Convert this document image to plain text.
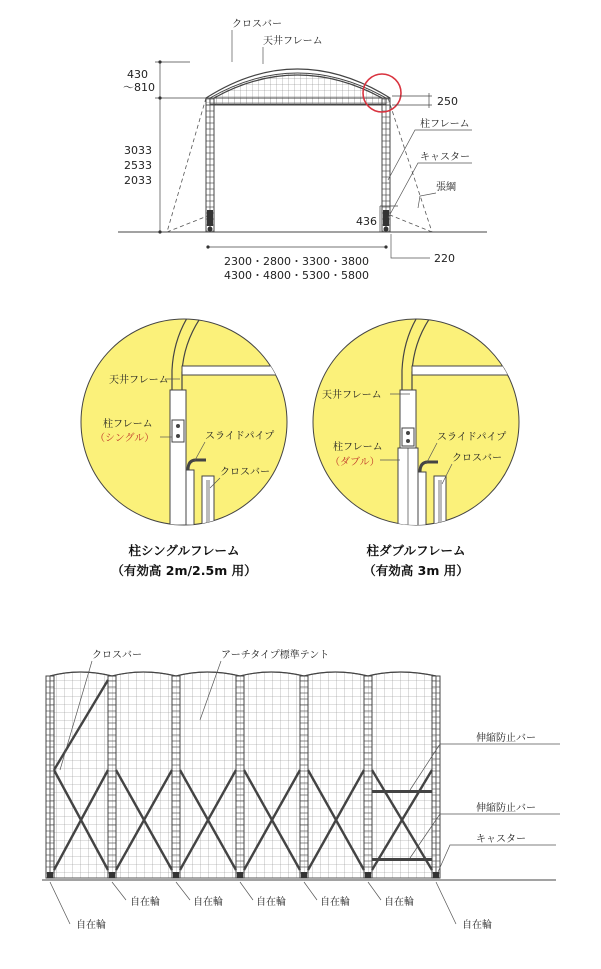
430
～810
3033
2533
2033
250
436
220
2300・2800・3300・3800
4300・4800・5300・5800
クロスバー
天井フレーム
柱フレーム
キャスター
張綱
天井フレーム
柱フレーム
（シングル）	スライドパイプ
クロスバー
柱シングルフレーム
（有効高 2m/2.5m 用）
天井フレーム
柱フレーム
（ダブル）
スライドパイプ
クロスバー
柱ダブルフレーム
（有効高 3m 用）
クロスバー	アーチタイプ標準テント
伸縮防止バー
伸縮防止バー
キャスター
自在輪
自在輪	自在輪	自在輪	自在輪	自在輪
自在輪
